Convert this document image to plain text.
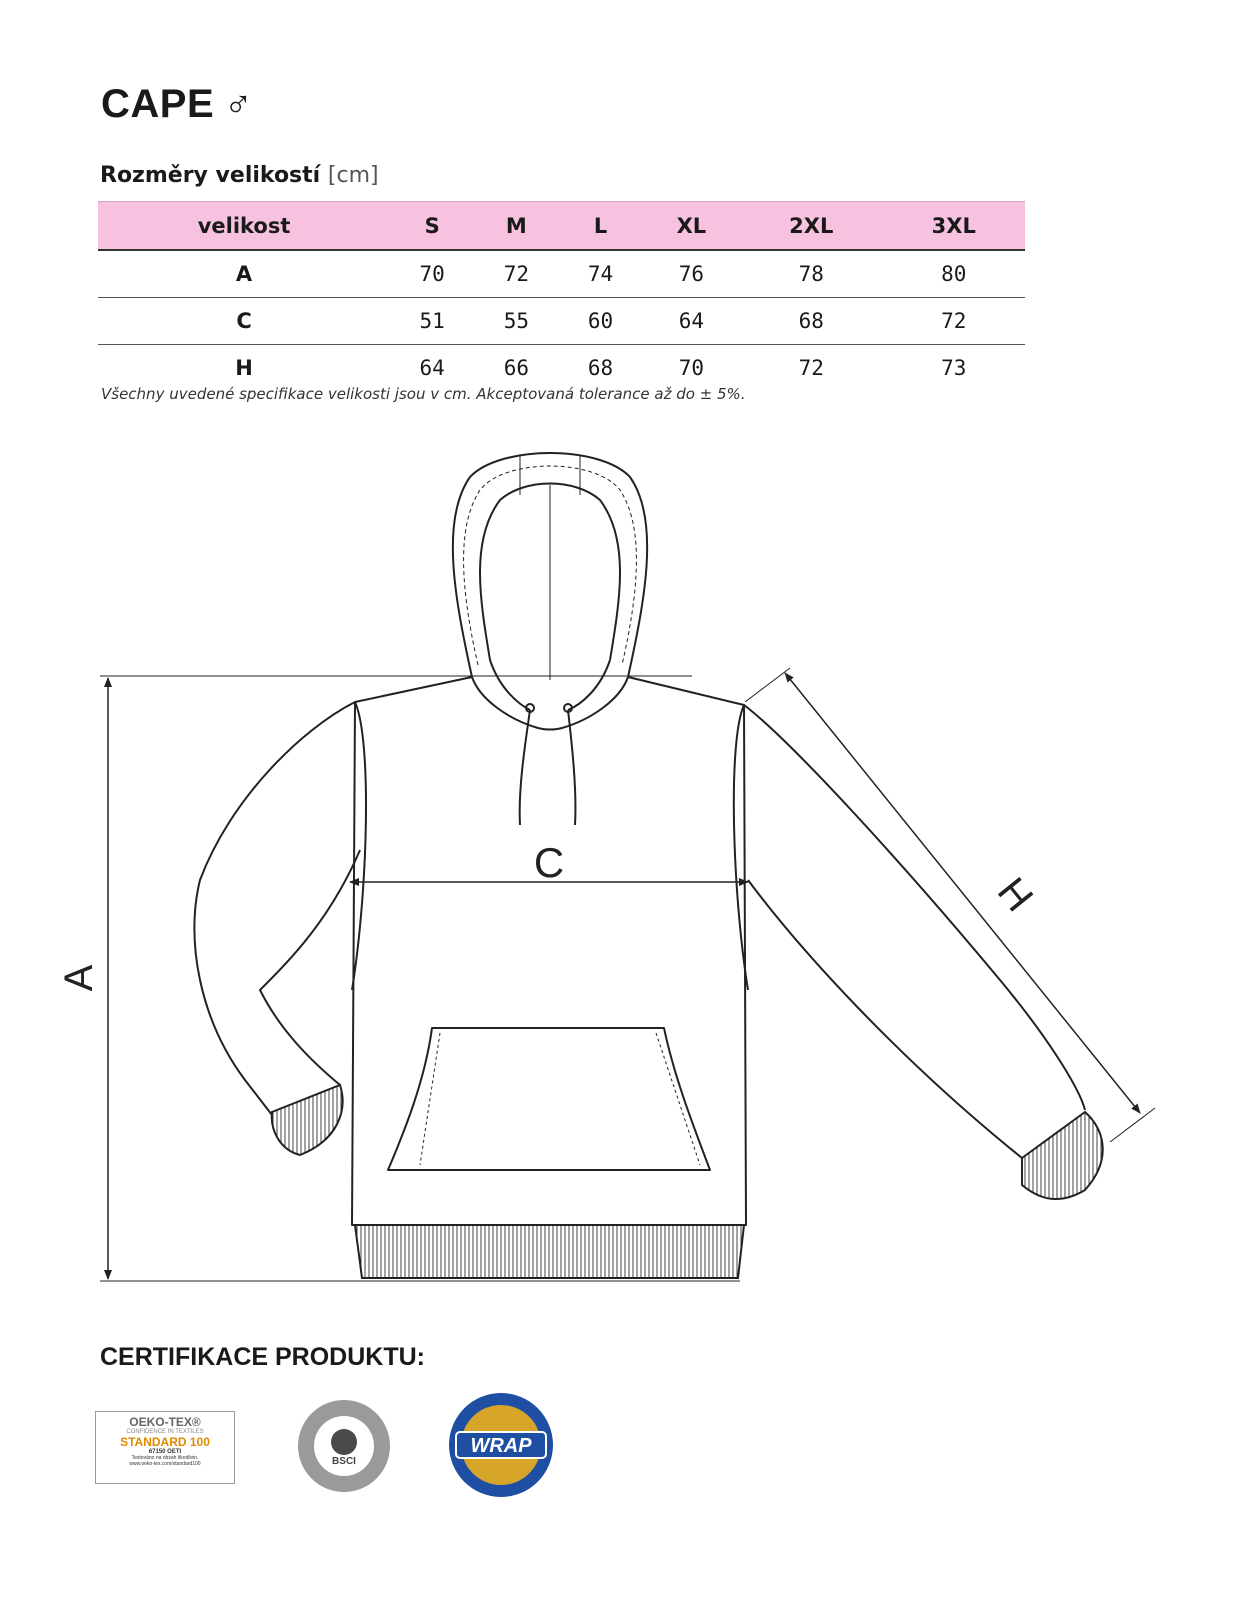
CAPE ♂
Rozměry velikostí [cm]
velikost	S	M	L	XL	2XL	3XL
A	70	72	74	76	78	80
C	51	55	60	64	68	72
H	64	66	68	70	72	73
Všechny uvedené specifikace velikosti jsou v cm. Akceptovaná tolerance až do ± 5%.
A
C
H
CERTIFIKACE PRODUKTU:
OEKO-TEX®
CONFIDENCE IN TEXTILES
STANDARD 100
67150 OETI
Testováno na obsah škodlivin.
www.oeko-tex.com/standard100	BSCI
WRAP
